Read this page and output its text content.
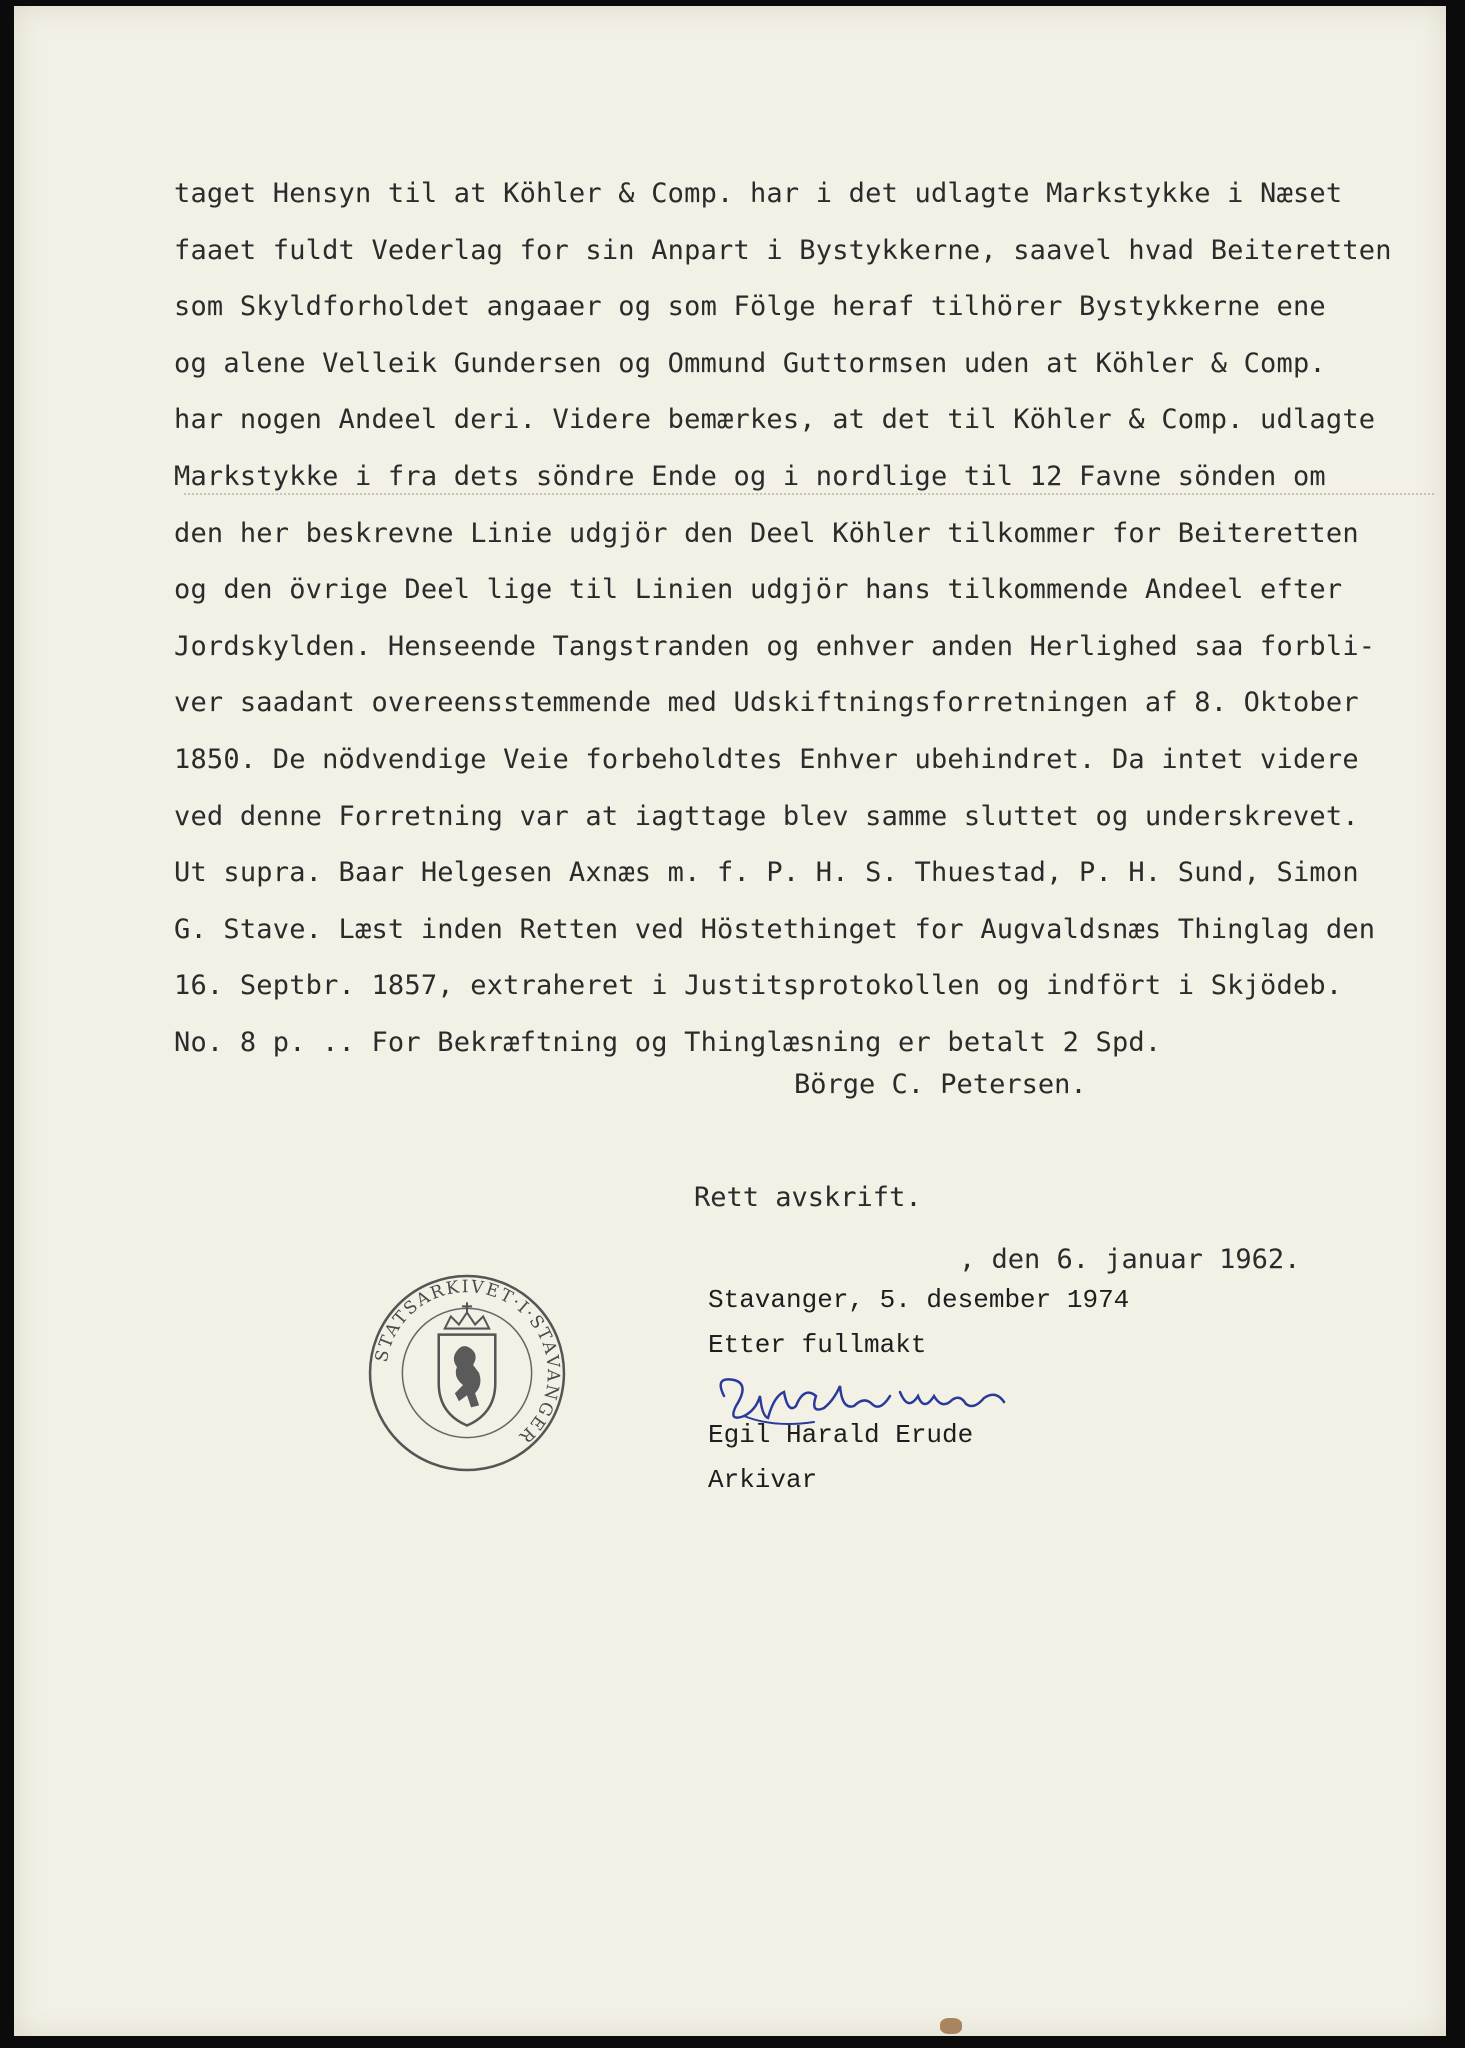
taget Hensyn til at Köhler & Comp. har i det udlagte Markstykke i Næset
faaet fuldt Vederlag for sin Anpart i Bystykkerne, saavel hvad Beiteretten
som Skyldforholdet angaaer og som Fölge heraf tilhörer Bystykkerne ene
og alene Velleik Gundersen og Ommund Guttormsen uden at Köhler & Comp.
har nogen Andeel deri. Videre bemærkes, at det til Köhler & Comp. udlagte
Markstykke i fra dets söndre Ende og i nordlige til 12 Favne sönden om
den her beskrevne Linie udgjör den Deel Köhler tilkommer for Beiteretten
og den övrige Deel lige til Linien udgjör hans tilkommende Andeel efter
Jordskylden. Henseende Tangstranden og enhver anden Herlighed saa forbli-
ver saadant overeensstemmende med Udskiftningsforretningen af 8. Oktober
1850. De nödvendige Veie forbeholdtes Enhver ubehindret. Da intet videre
ved denne Forretning var at iagttage blev samme sluttet og underskrevet.
Ut supra. Baar Helgesen Axnæs m. f. P. H. S. Thuestad, P. H. Sund, Simon
G. Stave. Læst inden Retten ved Höstethinget for Augvaldsnæs Thinglag den
16. Septbr. 1857, extraheret i Justitsprotokollen og indfört i Skjödeb.
No. 8 p. .. For Bekræftning og Thinglæsning er betalt 2 Spd.
Börge C. Petersen.
Rett avskrift.
, den 6. januar 1962.
STATSARKIVET·I·STAVANGER
Stavanger, 5. desember 1974
Etter fullmakt

Egil Harald Erude
Arkivar
